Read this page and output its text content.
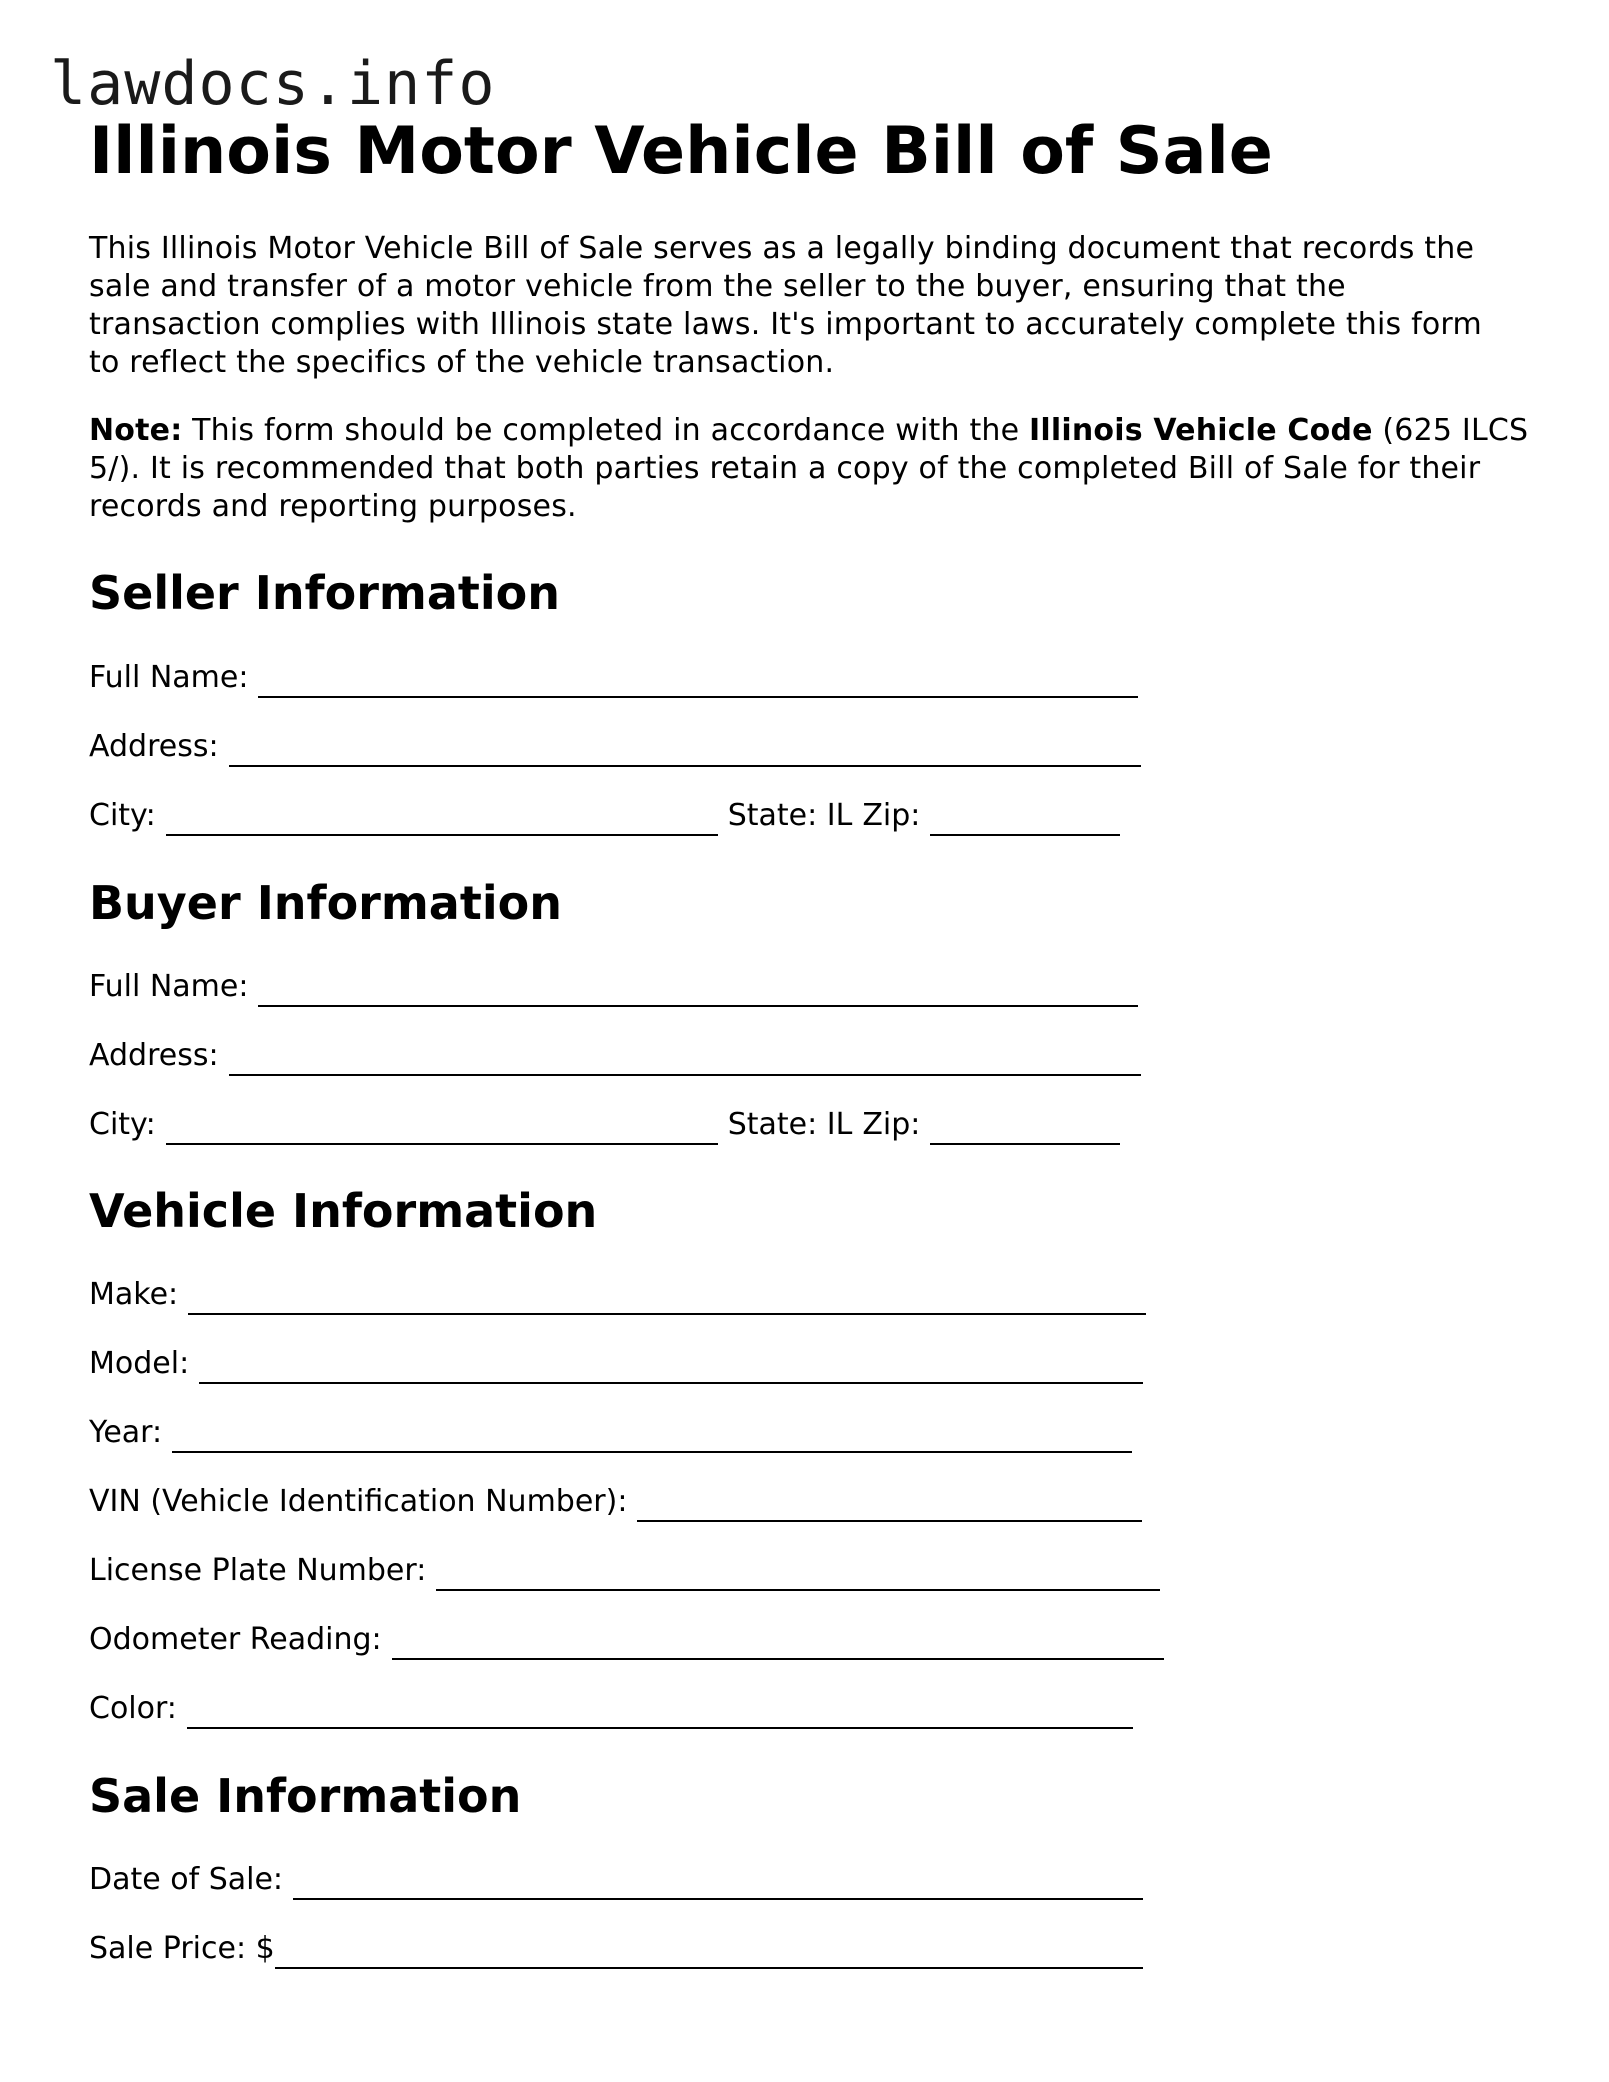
lawdocs.info
Illinois Motor Vehicle Bill of Sale

This Illinois Motor Vehicle Bill of Sale serves as a legally binding document that records the sale and transfer of a motor vehicle from the seller to the buyer, ensuring that the transaction complies with Illinois state laws. It's important to accurately complete this form to reflect the specifics of the vehicle transaction.

Note: This form should be completed in accordance with the Illinois Vehicle Code (625 ILCS 5/). It is recommended that both parties retain a copy of the completed Bill of Sale for their records and reporting purposes.

Seller Information
Full Name:
Address:
City:	State: IL Zip:
Buyer Information
Full Name:
Address:
City:	State: IL Zip:
Vehicle Information
Make:
Model:
Year:
VIN (Vehicle Identification Number):
License Plate Number:
Odometer Reading:
Color:
Sale Information
Date of Sale:
Sale Price: $
